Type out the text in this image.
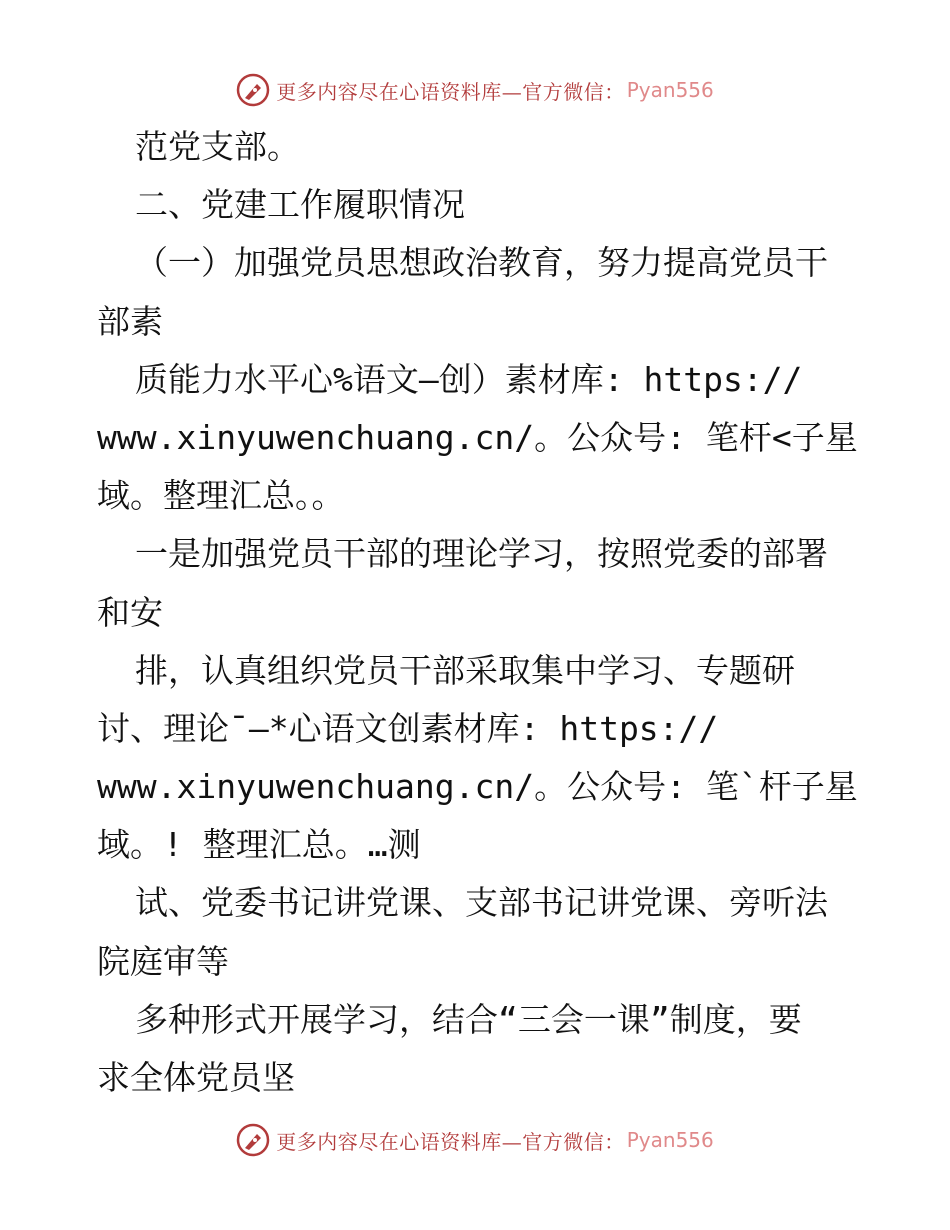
更多内容尽在心语资料库—官方微信： Pyan556
范党支部。
二、党建工作履职情况
（一）加强党员思想政治教育，努力提高党员干
部素
质能力水平心%语文—创）素材库: https://
www.xinyuwenchuang.cn/。公众号: 笔杆<子星
域。整理汇总。。
一是加强党员干部的理论学习，按照党委的部署
和安
排，认真组织党员干部采取集中学习、专题研
讨、理论¯—*心语文创素材库: https://
www.xinyuwenchuang.cn/。公众号: 笔`杆子星
域。! 整理汇总。…测
试、党委书记讲党课、支部书记讲党课、旁听法
院庭审等
多种形式开展学习，结合“三会一课”制度，要
求全体党员坚
更多内容尽在心语资料库—官方微信： Pyan556
